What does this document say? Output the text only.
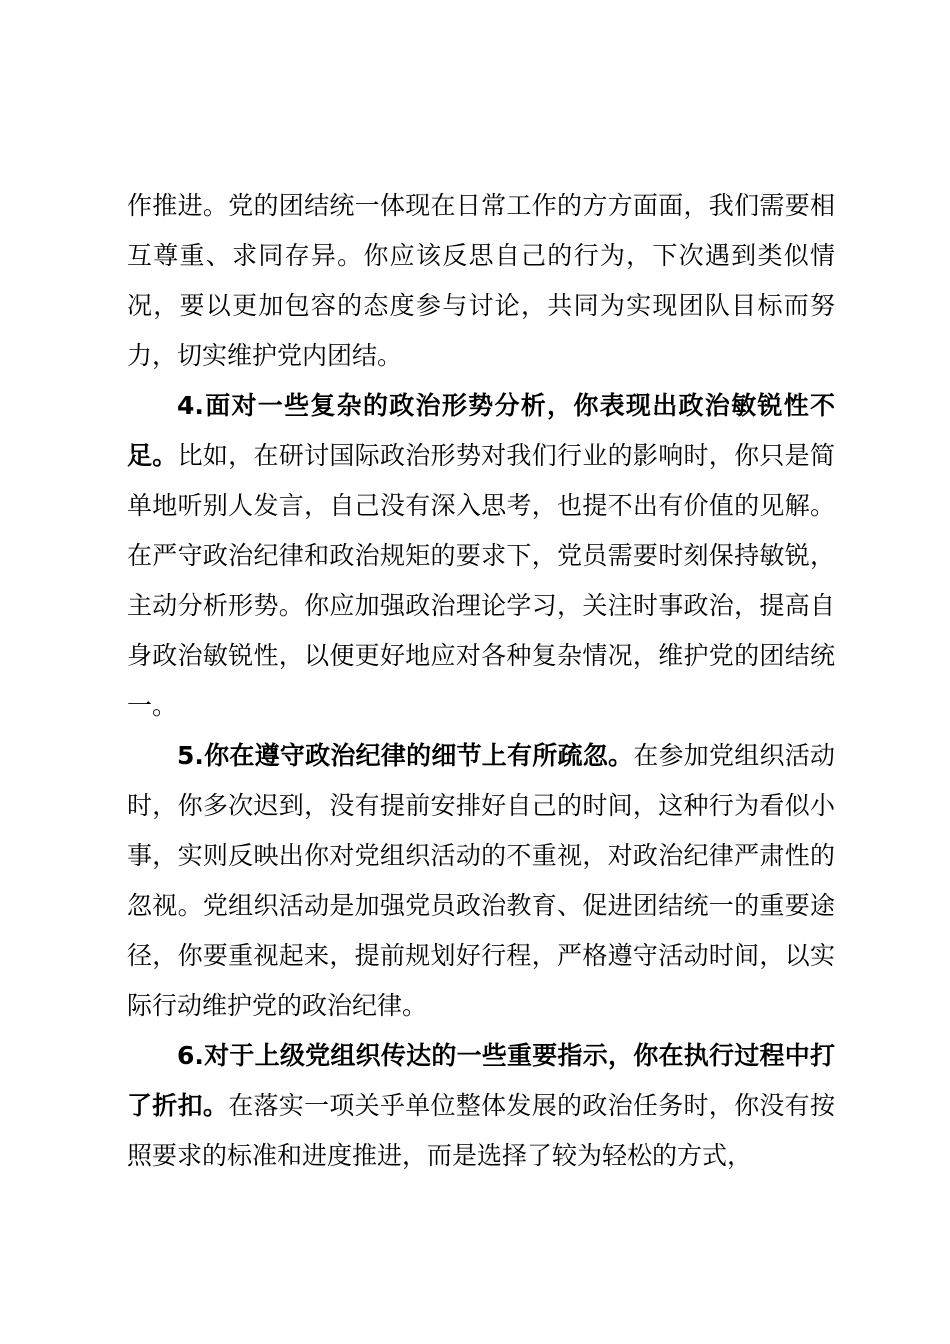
作推进。党的团结统一体现在日常工作的方方面面，我们需要相互尊重、求同存异。你应该反思自己的行为，下次遇到类似情况，要以更加包容的态度参与讨论，共同为实现团队目标而努力，切实维护党内团结。

4.面对一些复杂的政治形势分析，你表现出政治敏锐性不足。比如，在研讨国际政治形势对我们行业的影响时，你只是简单地听别人发言，自己没有深入思考，也提不出有价值的见解。在严守政治纪律和政治规矩的要求下，党员需要时刻保持敏锐，主动分析形势。你应加强政治理论学习，关注时事政治，提高自身政治敏锐性，以便更好地应对各种复杂情况，维护党的团结统一。

5.你在遵守政治纪律的细节上有所疏忽。在参加党组织活动时，你多次迟到，没有提前安排好自己的时间，这种行为看似小事，实则反映出你对党组织活动的不重视，对政治纪律严肃性的忽视。党组织活动是加强党员政治教育、促进团结统一的重要途径，你要重视起来，提前规划好行程，严格遵守活动时间，以实际行动维护党的政治纪律。

6.对于上级党组织传达的一些重要指示，你在执行过程中打了折扣。在落实一项关乎单位整体发展的政治任务时，你没有按照要求的标准和进度推进，而是选择了较为轻松的方式，
